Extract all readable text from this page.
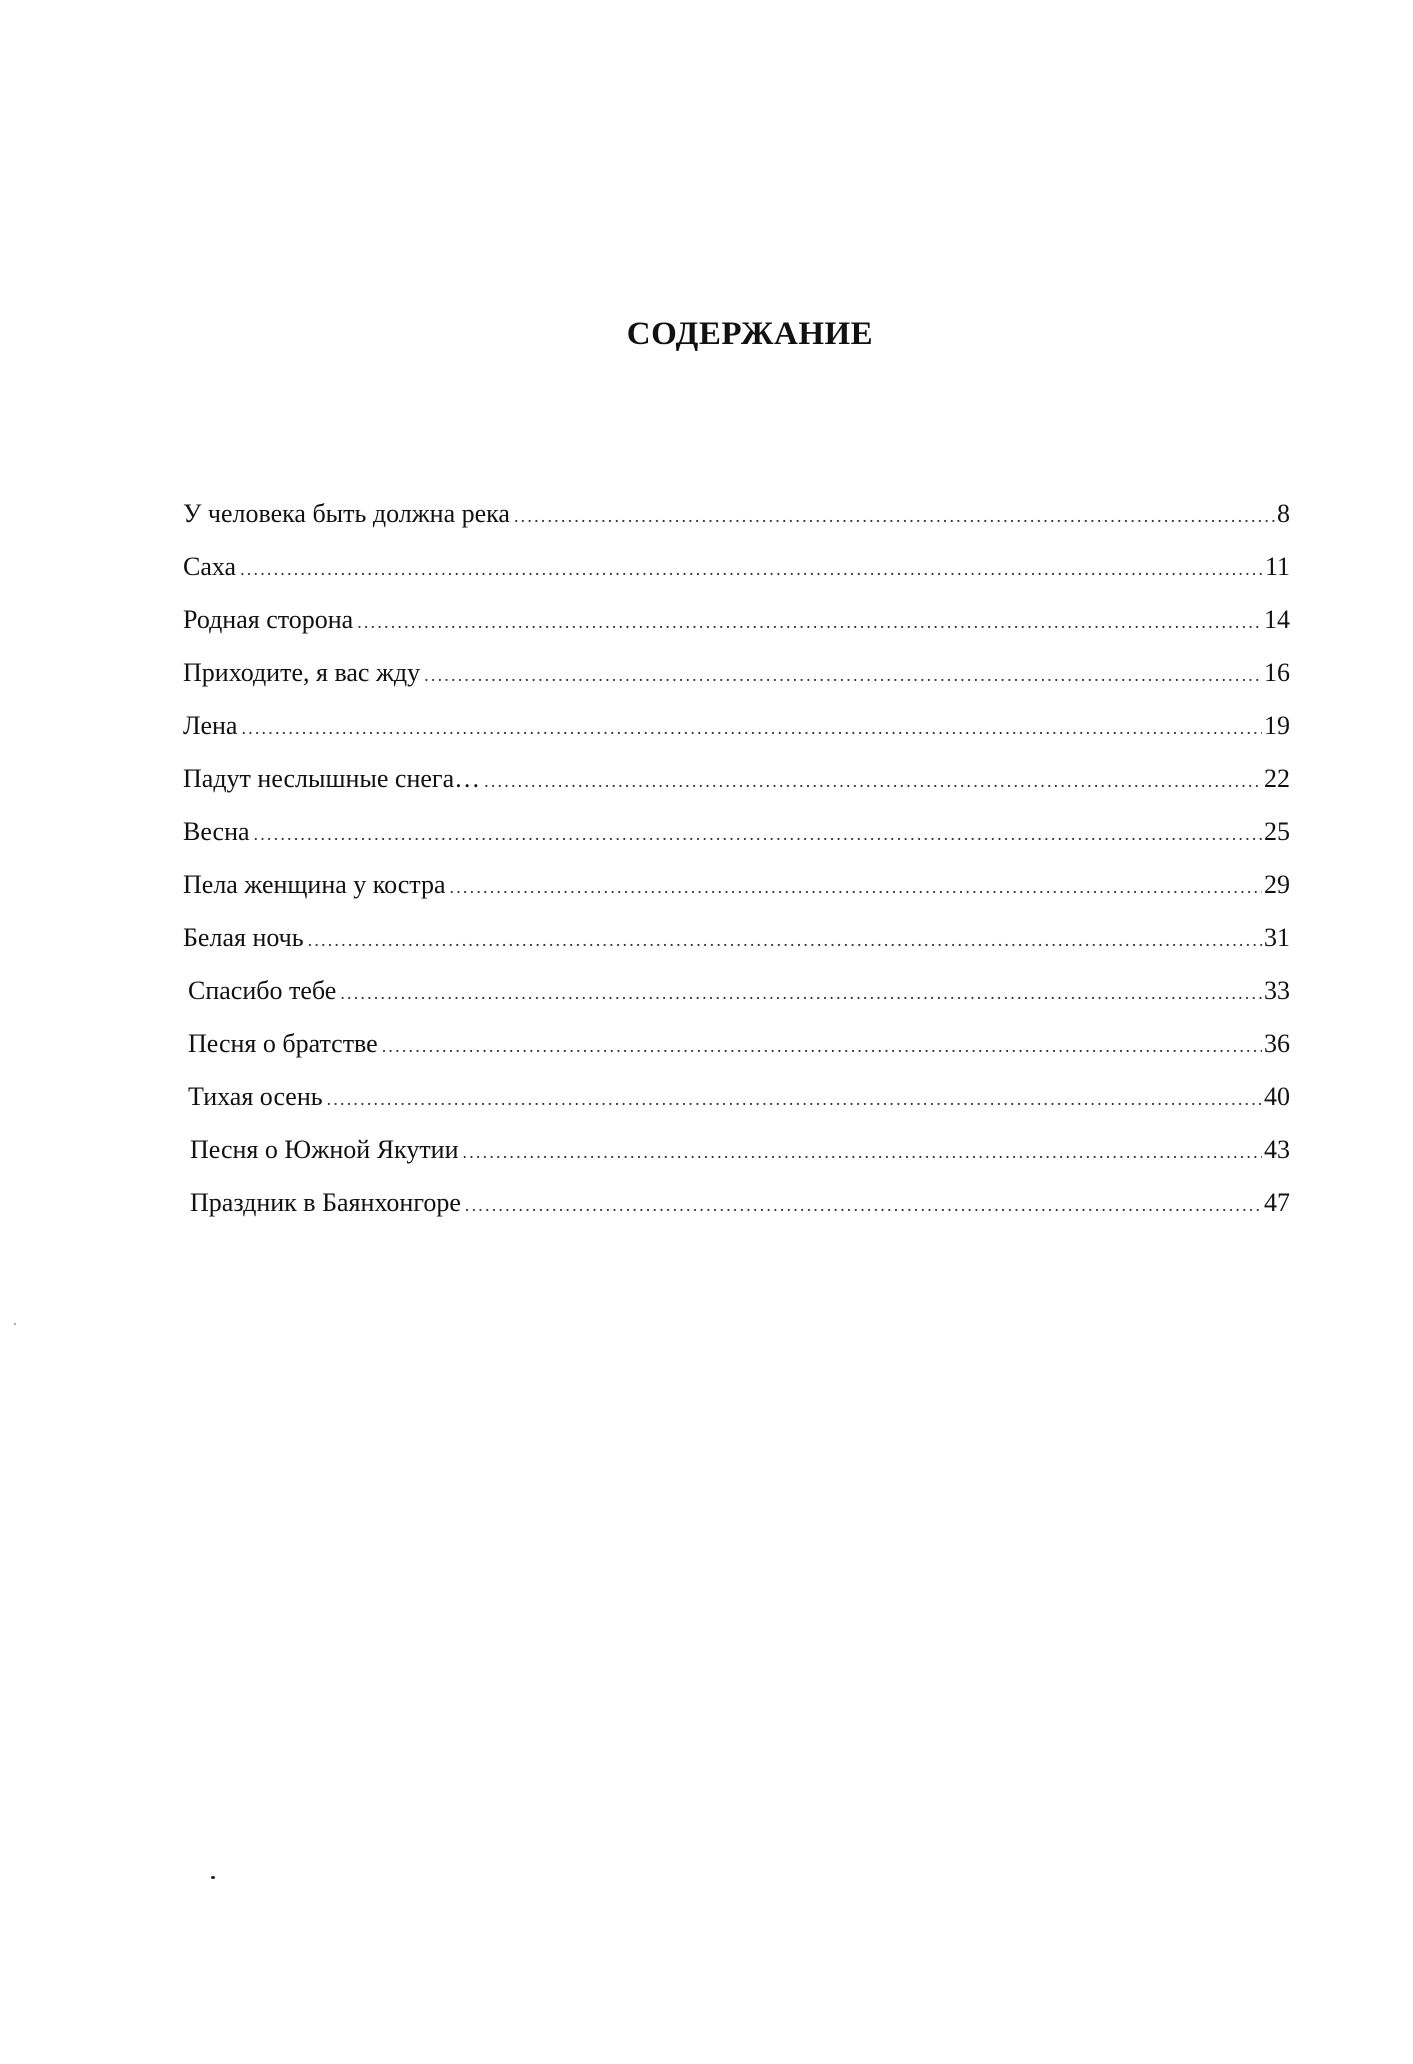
СОДЕРЖАНИЕ
У человека быть должна река .....	8
Саха .....	11
Родная сторона .....	14
Приходите, я вас жду .....	16
Лена .....	19
Падут неслышные снега… .....	22
Весна .....	25
Пела женщина у костра .....	29
Белая ночь .....	31
Спасибо тебе .....	33
Песня о братстве .....	36
Тихая осень .....	40
Песня о Южной Якутии .....	43
Праздник в Баянхонгоре .....	47
